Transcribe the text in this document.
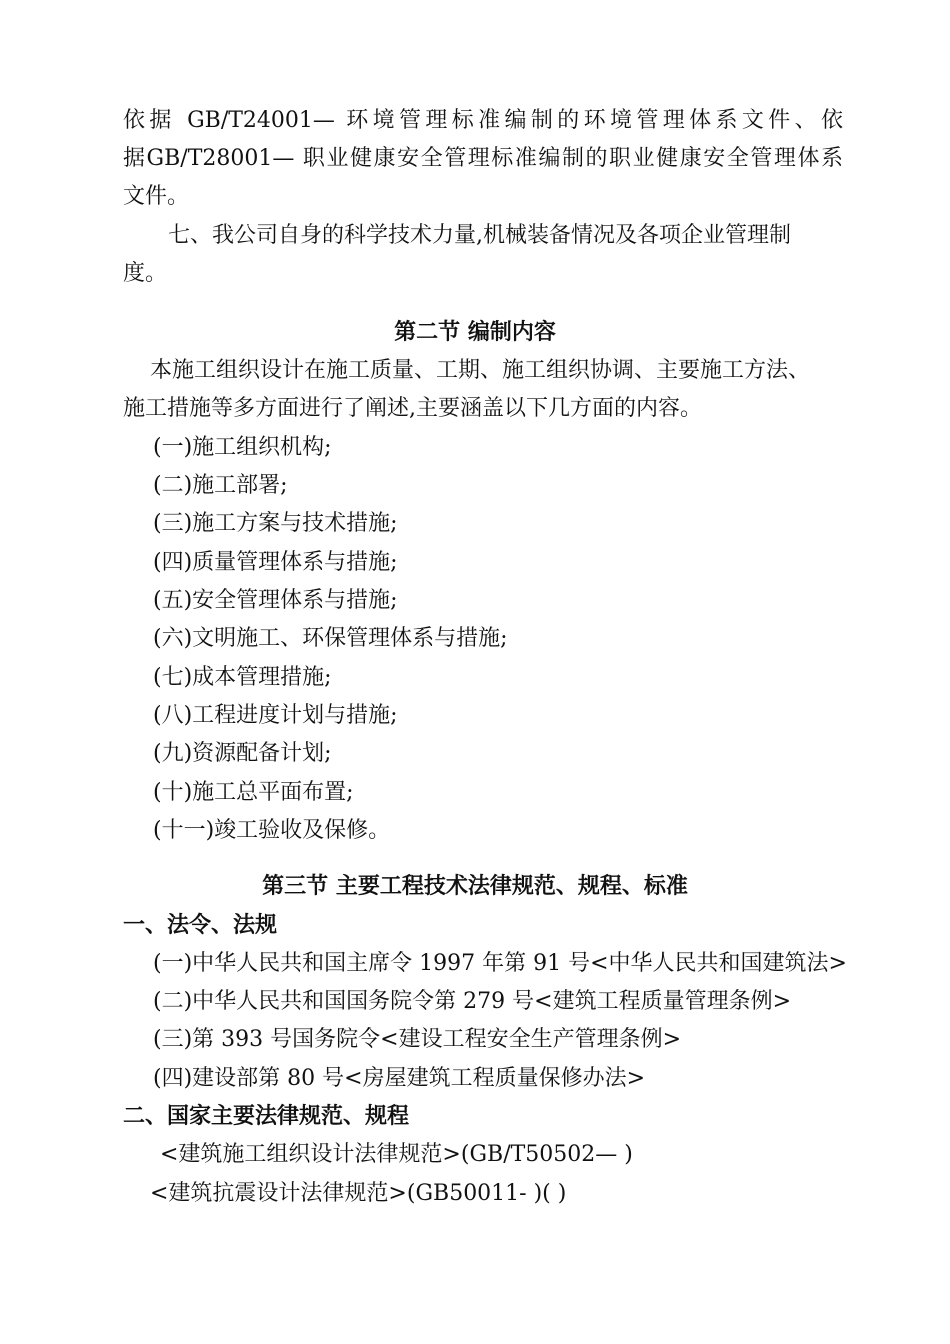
依据 GB/T24001— 环境管理标准编制的环境管理体系文件、依
据GB/T28001— 职业健康安全管理标准编制的职业健康安全管理体系
文件。
七、我公司自身的科学技术力量,机械装备情况及各项企业管理制
度。
第二节 编制内容
本施工组织设计在施工质量、工期、施工组织协调、主要施工方法、
施工措施等多方面进行了阐述,主要涵盖以下几方面的内容。
(一)施工组织机构;
(二)施工部署;
(三)施工方案与技术措施;
(四)质量管理体系与措施;
(五)安全管理体系与措施;
(六)文明施工、环保管理体系与措施;
(七)成本管理措施;
(八)工程进度计划与措施;
(九)资源配备计划;
(十)施工总平面布置;
(十一)竣工验收及保修。
第三节 主要工程技术法律规范、规程、标准
一、法令、法规
(一)中华人民共和国主席令 1997 年第 91 号<中华人民共和国建筑法>
(二)中华人民共和国国务院令第 279 号<建筑工程质量管理条例>
(三)第 393 号国务院令<建设工程安全生产管理条例>
(四)建设部第 80 号<房屋建筑工程质量保修办法>
二、国家主要法律规范、规程
<建筑施工组织设计法律规范>(GB/T50502— )
<建筑抗震设计法律规范>(GB50011- )( )
